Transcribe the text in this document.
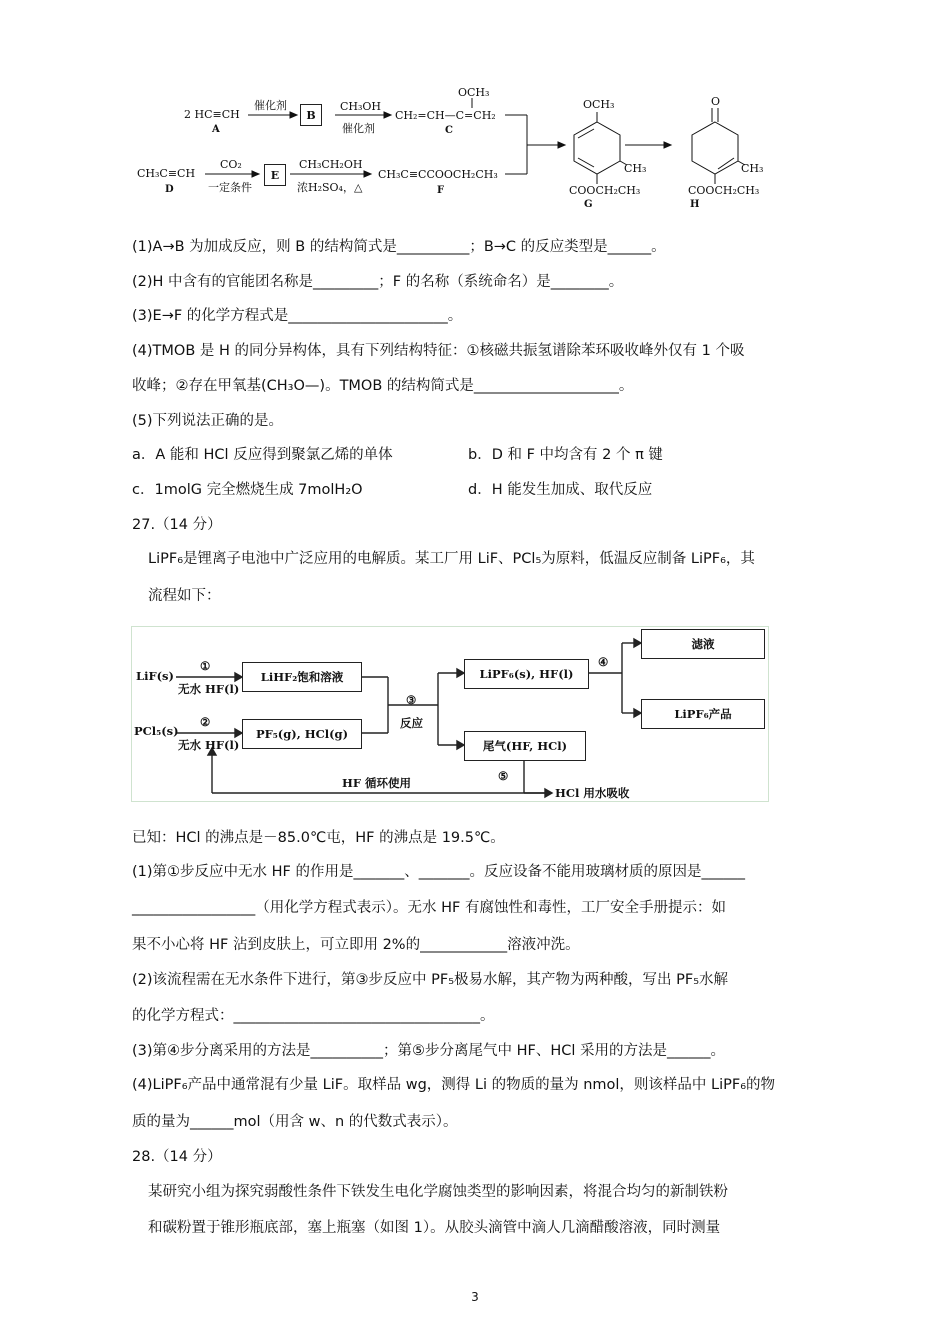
2 HC≡CH
A
催化剂
B
CH₃OH
催化剂
OCH₃
CH₂=CH—C=CH₂
C
CH₃C≡CH
D
CO₂
一定条件
E
CH₃CH₂OH
浓H₂SO₄，△
CH₃C≡CCOOCH₂CH₃
F
OCH₃
CH₃
COOCH₂CH₃
G
O
CH₃
COOCH₂CH₃
H
(1)A→B 为加成反应，则 B 的结构简式是__________；B→C 的反应类型是______。
(2)H 中含有的官能团名称是_________；F 的名称（系统命名）是________。
(3)E→F 的化学方程式是______________________。
(4)TMOB 是 H 的同分异构体，具有下列结构特征：①核磁共振氢谱除苯环吸收峰外仅有 1 个吸
收峰；②存在甲氧基(CH₃O—)。TMOB 的结构简式是____________________。
(5)下列说法正确的是。
a．A 能和 HCl 反应得到聚氯乙烯的单体	b．D 和 F 中均含有 2 个 π 键
c．1molG 完全燃烧生成 7molH₂O	d．H 能发生加成、取代反应
27.（14 分）
LiPF₆是锂离子电池中广泛应用的电解质。某工厂用 LiF、PCl₅为原料，低温反应制备 LiPF₆，其
流程如下：
LiF(s)
①
无水 HF(l)
LiHF₂饱和溶液
PCl₅(s)
②
无水 HF(l)
PF₅(g), HCl(g)
③
反应
LiPF₆(s), HF(l)
尾气(HF, HCl)
④
滤液
LiPF₆产品
HF 循环使用	⑤
HCl 用水吸收
已知：HCl 的沸点是－85.0℃屯，HF 的沸点是 19.5℃。
(1)第①步反应中无水 HF 的作用是_______、_______。反应设备不能用玻璃材质的原因是______
_________________（用化学方程式表示）。无水 HF 有腐蚀性和毒性，工厂安全手册提示：如
果不小心将 HF 沾到皮肤上，可立即用 2%的____________溶液冲洗。
(2)该流程需在无水条件下进行，第③步反应中 PF₅极易水解，其产物为两种酸，写出 PF₅水解
的化学方程式：__________________________________。
(3)第④步分离采用的方法是__________；第⑤步分离尾气中 HF、HCl 采用的方法是______。
(4)LiPF₆产品中通常混有少量 LiF。取样品 wg，测得 Li 的物质的量为 nmol，则该样品中 LiPF₆的物
质的量为______mol（用含 w、n 的代数式表示）。
28.（14 分）
某研究小组为探究弱酸性条件下铁发生电化学腐蚀类型的影响因素，将混合均匀的新制铁粉
和碳粉置于锥形瓶底部，塞上瓶塞（如图 1）。从胶头滴管中滴人几滴醋酸溶液，同时测量
3
